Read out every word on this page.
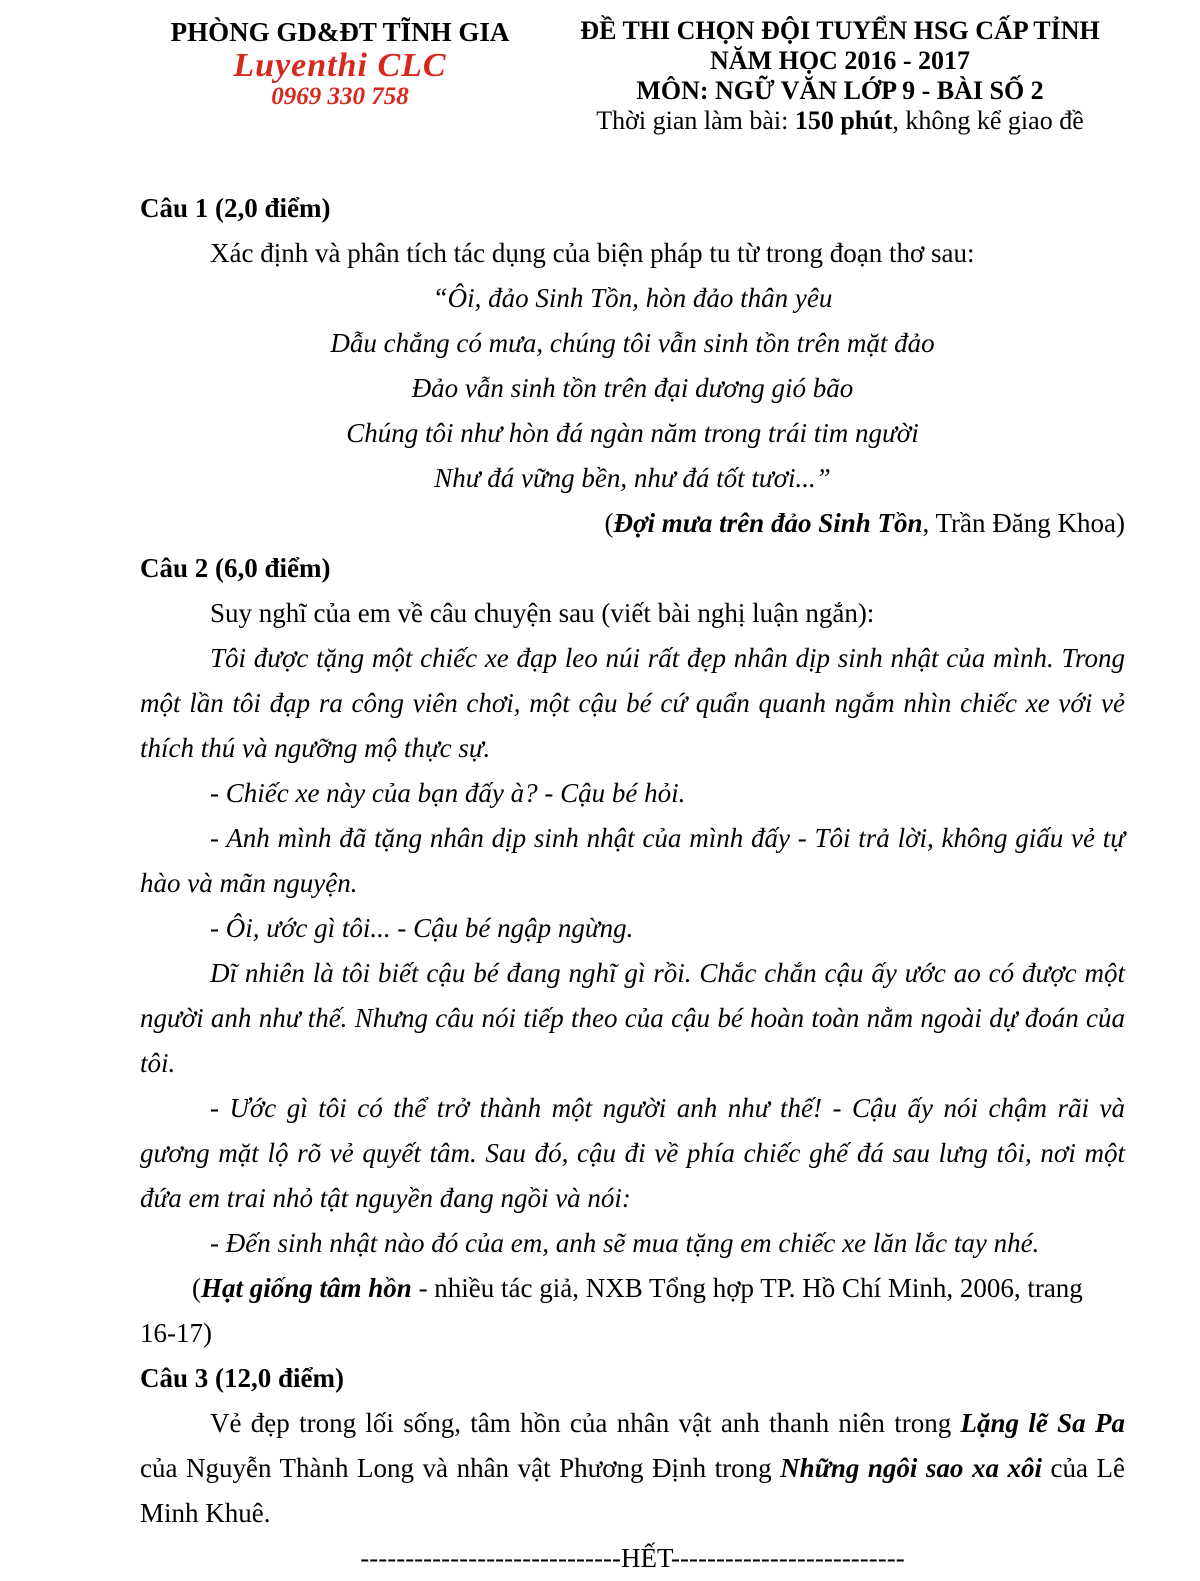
PHÒNG GD&ĐT TĨNH GIA
Luyenthi CLC
0969 330 758
ĐỀ THI CHỌN ĐỘI TUYỂN HSG CẤP TỈNH
NĂM HỌC 2016 - 2017
MÔN: NGỮ VĂN LỚP 9 - BÀI SỐ 2
Thời gian làm bài: 150 phút, không kể giao đề

Câu 1 (2,0 điểm)

Xác định và phân tích tác dụng của biện pháp tu từ trong đoạn thơ sau:

“Ôi, đảo Sinh Tồn, hòn đảo thân yêu

Dẫu chẳng có mưa, chúng tôi vẫn sinh tồn trên mặt đảo

Đảo vẫn sinh tồn trên đại dương gió bão

Chúng tôi như hòn đá ngàn năm trong trái tim người

Như đá vững bền, như đá tốt tươi...”

(Đợi mưa trên đảo Sinh Tồn, Trần Đăng Khoa)

Câu 2 (6,0 điểm)

Suy nghĩ của em về câu chuyện sau (viết bài nghị luận ngắn):

Tôi được tặng một chiếc xe đạp leo núi rất đẹp nhân dịp sinh nhật của mình. Trong một lần tôi đạp ra công viên chơi, một cậu bé cứ quẩn quanh ngắm nhìn chiếc xe với vẻ thích thú và ngưỡng mộ thực sự.

- Chiếc xe này của bạn đấy à? - Cậu bé hỏi.

- Anh mình đã tặng nhân dịp sinh nhật của mình đấy - Tôi trả lời, không giấu vẻ tự hào và mãn nguyện.

- Ôi, ước gì tôi... - Cậu bé ngập ngừng.

Dĩ nhiên là tôi biết cậu bé đang nghĩ gì rồi. Chắc chắn cậu ấy ước ao có được một người anh như thế. Nhưng câu nói tiếp theo của cậu bé hoàn toàn nằm ngoài dự đoán của tôi.

- Ước gì tôi có thể trở thành một người anh như thế! - Cậu ấy nói chậm rãi và gương mặt lộ rõ vẻ quyết tâm. Sau đó, cậu đi về phía chiếc ghế đá sau lưng tôi, nơi một đứa em trai nhỏ tật nguyền đang ngồi và nói:

- Đến sinh nhật nào đó của em, anh sẽ mua tặng em chiếc xe lăn lắc tay nhé.

(Hạt giống tâm hồn - nhiều tác giả, NXB Tổng hợp TP. Hồ Chí Minh, 2006, trang 16-17)

Câu 3 (12,0 điểm)

Vẻ đẹp trong lối sống, tâm hồn của nhân vật anh thanh niên trong Lặng lẽ Sa Pa của Nguyễn Thành Long và nhân vật Phương Định trong Những ngôi sao xa xôi của Lê Minh Khuê.

-----------------------------HẾT--------------------------
